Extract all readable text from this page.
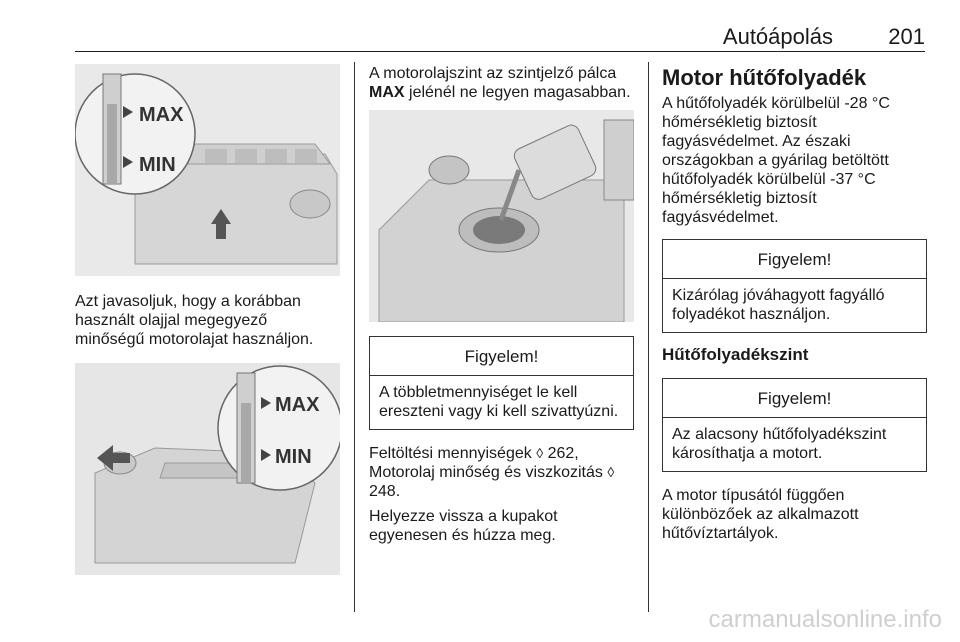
Autóápolás	201
MAX
MIN

Azt javasoljuk, hogy a korábban használt olajjal megegyező minőségű motorolajat használjon.

MAX
MIN

A motorolajszint az szintjelző pálca MAX jelénél ne legyen magasabban.

Figyelem!
A többletmennyiséget le kell ereszteni vagy ki kell szivattyúzni.

Feltöltési mennyiségek ◊ 262, Motorolaj minőség és viszkozitás ◊ 248.

Helyezze vissza a kupakot egyenesen és húzza meg.

Motor hűtőfolyadék

A hűtőfolyadék körülbelül -28 °C hőmérsékletig biztosít fagyásvédelmet. Az északi országokban a gyárilag betöltött hűtőfolyadék körülbelül -37 °C hőmérsékletig biztosít fagyásvédelmet.

Figyelem!
Kizárólag jóváhagyott fagyálló folyadékot használjon.
Hűtőfolyadékszint
Figyelem!
Az alacsony hűtőfolyadékszint károsíthatja a motort.

A motor típusától függően különbözőek az alkalmazott hűtővíztartályok.

carmanualsonline.info
